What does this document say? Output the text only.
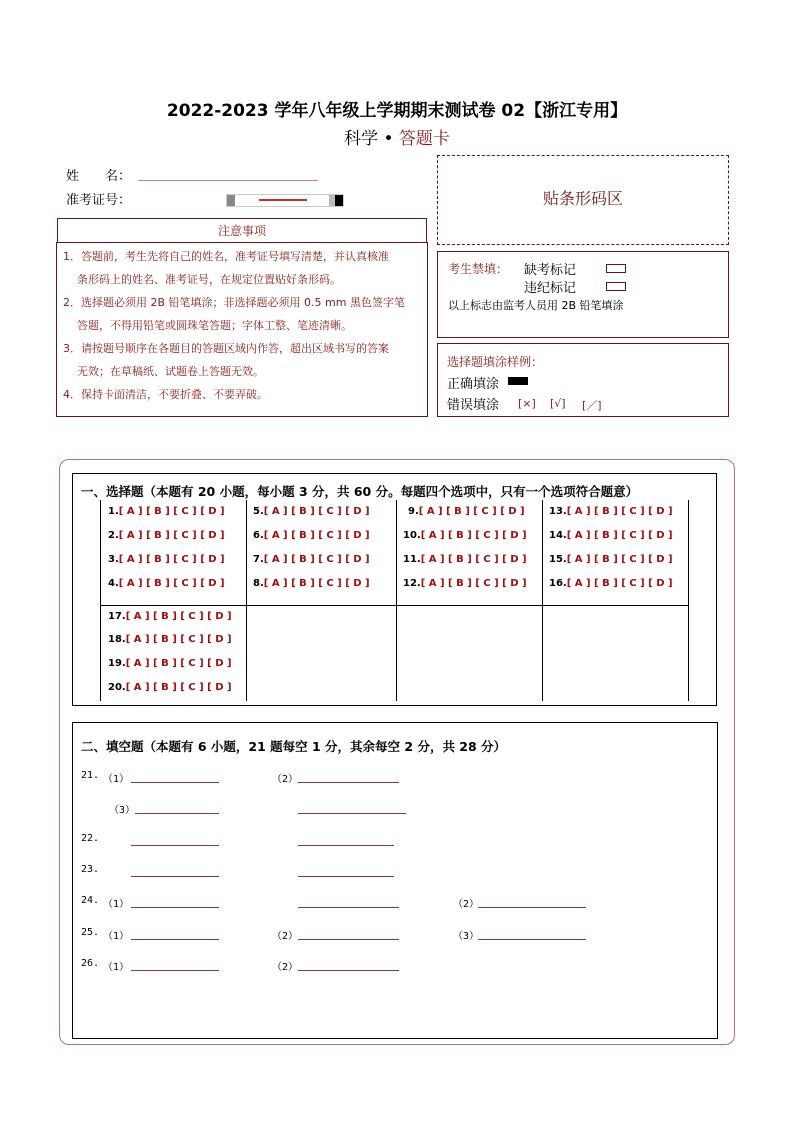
2022-2023 学年八年级上学期期末测试卷 02【浙江专用】
科学 • 答题卡
姓　　名：
准考证号：
注意事项
1．答题前，考生先将自己的姓名，准考证号填写清楚，并认真核准
条形码上的姓名、准考证号，在规定位置贴好条形码。
2．选择题必须用 2B 铅笔填涂；非选择题必须用 0.5 mm 黑色签字笔
答题，不得用铅笔或圆珠笔答题；字体工整、笔迹清晰。
3．请按题号顺序在各题目的答题区域内作答，超出区域书写的答案
无效；在草稿纸、试题卷上答题无效。
4．保持卡面清洁，不要折叠、不要弄破。
贴条形码区
考生禁填： 缺考标记
违纪标记
以上标志由监考人员用 2B 铅笔填涂
选择题填涂样例：
正确填涂
错误填涂 [×] [√] [／]
一、选择题（本题有 20 小题，每小题 3 分，共 60 分。每题四个选项中，只有一个选项符合题意）
1.[ A ] [ B ] [ C ] [ D ]
2.[ A ] [ B ] [ C ] [ D ]
3.[ A ] [ B ] [ C ] [ D ]
4.[ A ] [ B ] [ C ] [ D ]
5.[ A ] [ B ] [ C ] [ D ]
6.[ A ] [ B ] [ C ] [ D ]
7.[ A ] [ B ] [ C ] [ D ]
8.[ A ] [ B ] [ C ] [ D ]
9.[ A ] [ B ] [ C ] [ D ]
10.[ A ] [ B ] [ C ] [ D ]
11.[ A ] [ B ] [ C ] [ D ]
12.[ A ] [ B ] [ C ] [ D ]
13.[ A ] [ B ] [ C ] [ D ]
14.[ A ] [ B ] [ C ] [ D ]
15.[ A ] [ B ] [ C ] [ D ]
16.[ A ] [ B ] [ C ] [ D ]
17.[ A ] [ B ] [ C ] [ D ]
18.[ A ] [ B ] [ C ] [ D ]
19.[ A ] [ B ] [ C ] [ D ]
20.[ A ] [ B ] [ C ] [ D ]
二、填空题（本题有 6 小题，21 题每空 1 分，其余每空 2 分，共 28 分）
21. （1）	（2）
（3）
22.
23.
24. （1）	（2）
25. （1）	（2）	（3）
26. （1）	（2）
